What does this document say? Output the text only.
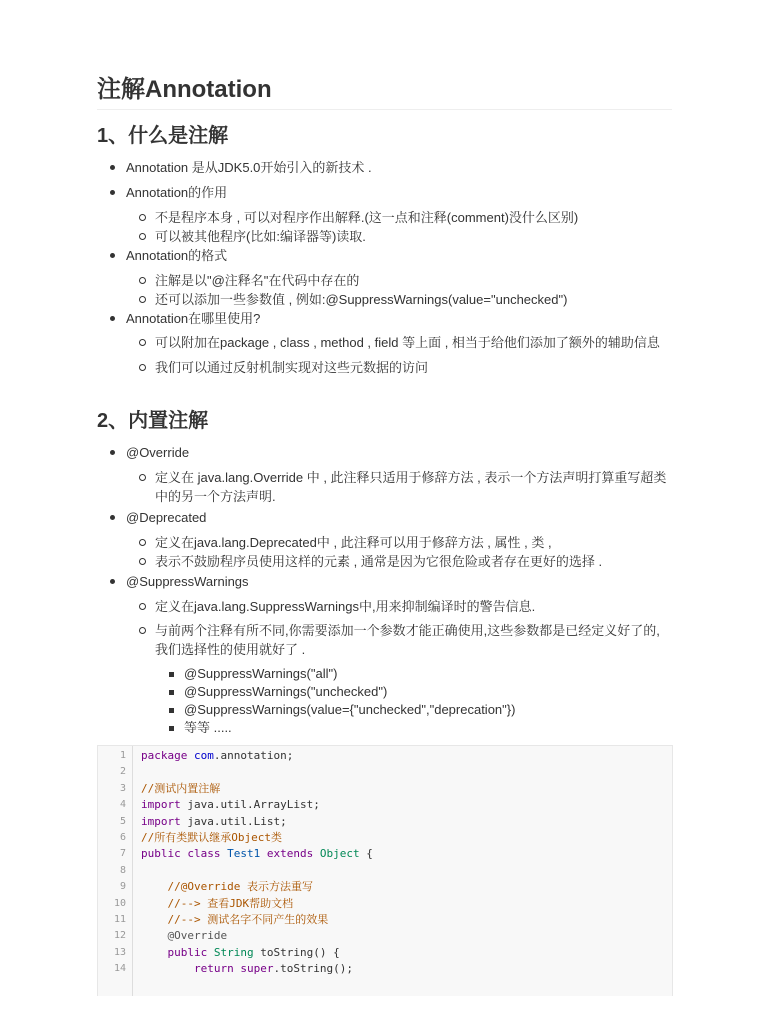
注解Annotation
1、什么是注解
Annotation 是从JDK5.0开始引入的新技术 .
Annotation的作用
不是程序本身 , 可以对程序作出解释.(这一点和注释(comment)没什么区别)
可以被其他程序(比如:编译器等)读取.
Annotation的格式
注解是以"@注释名"在代码中存在的
还可以添加一些参数值 , 例如:@SuppressWarnings(value="unchecked")
Annotation在哪里使用?
可以附加在package , class , method , field 等上面 , 相当于给他们添加了额外的辅助信息
我们可以通过反射机制实现对这些元数据的访问
2、内置注解
@Override
定义在 java.lang.Override 中 , 此注释只适用于修辞方法 , 表示一个方法声明打算重写超类中的另一个方法声明.
@Deprecated
定义在java.lang.Deprecated中 , 此注释可以用于修辞方法 , 属性 , 类 ,
表示不鼓励程序员使用这样的元素 , 通常是因为它很危险或者存在更好的选择 .
@SuppressWarnings
定义在java.lang.SuppressWarnings中,用来抑制编译时的警告信息.
与前两个注释有所不同,你需要添加一个参数才能正确使用,这些参数都是已经定义好了的,我们选择性的使用就好了 .
@SuppressWarnings("all")
@SuppressWarnings("unchecked")
@SuppressWarnings(value={"unchecked","deprecation"})
等等 .....
1 package com.annotation;
2
3 //测试内置注解
4 import java.util.ArrayList;
5 import java.util.List;
6 //所有类默认继承Object类
7 public class Test1 extends Object {
8
9	//@Override 表示方法重写
10	//--> 查看JDK帮助文档
11	//--> 测试名字不同产生的效果
12	@Override
13	public String toString() {
14	return super.toString();
